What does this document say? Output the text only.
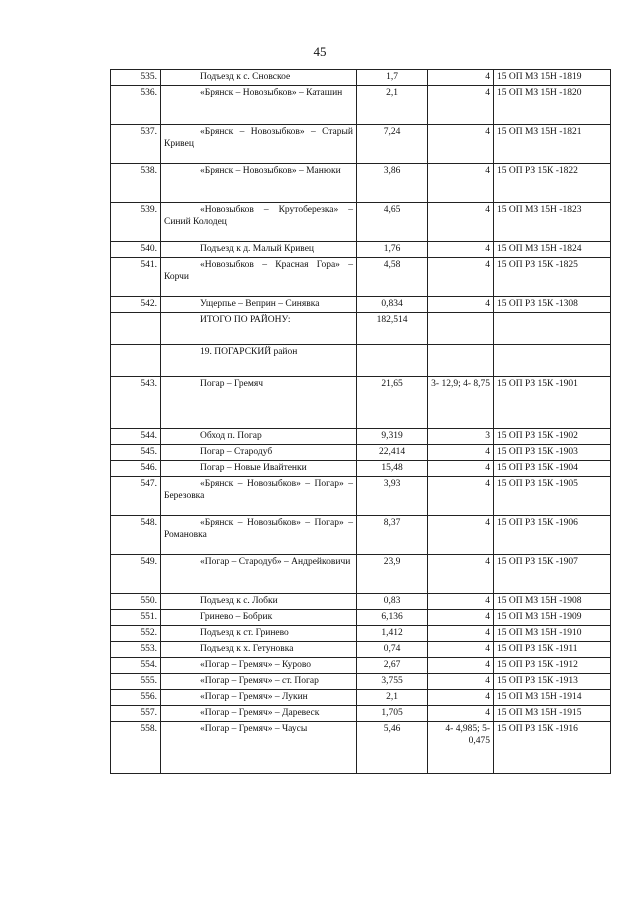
45
535.	Подъезд к с. Сновское	1,7	4	15 ОП МЗ 15Н -1819
536.	«Брянск – Новозыбков» – Каташин	2,1	4	15 ОП МЗ 15Н -1820
537.	«Брянск – Новозыбков» – Старый Кривец	7,24	4	15 ОП МЗ 15Н -1821
538.	«Брянск – Новозыбков» – Манюки	3,86	4	15 ОП РЗ 15К -1822
539.	«Новозыбков – Крутоберезка» – Синий Колодец	4,65	4	15 ОП МЗ 15Н -1823
540.	Подъезд к д. Малый Кривец	1,76	4	15 ОП МЗ 15Н -1824
541.	«Новозыбков – Красная Гора» – Корчи	4,58	4	15 ОП РЗ 15К -1825
542.	Ущерпье – Веприн – Синявка	0,834	4	15 ОП РЗ 15К -1308

	ИТОГО ПО РАЙОНУ:	182,514		

	19. ПОГАРСКИЙ район			

543.	Погар – Гремяч	21,65	3- 12,9; 4- 8,75	15 ОП РЗ 15К -1901
544.	Обход п. Погар	9,319	3	15 ОП РЗ 15К -1902
545.	Погар – Стародуб	22,414	4	15 ОП РЗ 15К -1903
546.	Погар – Новые Ивайтенки	15,48	4	15 ОП РЗ 15К -1904
547.	«Брянск – Новозыбков» – Погар» – Березовка	3,93	4	15 ОП РЗ 15К -1905
548.	«Брянск – Новозыбков» – Погар» – Романовка	8,37	4	15 ОП РЗ 15К -1906
549.	«Погар – Стародуб» – Андрейковичи	23,9	4	15 ОП РЗ 15К -1907
550.	Подъезд к с. Лобки	0,83	4	15 ОП МЗ 15Н -1908
551.	Гринево – Бобрик	6,136	4	15 ОП МЗ 15Н -1909
552.	Подъезд к ст. Гринево	1,412	4	15 ОП МЗ 15Н -1910
553.	Подъезд к х. Гетуновка	0,74	4	15 ОП РЗ 15К -1911
554.	«Погар – Гремяч» – Курово	2,67	4	15 ОП РЗ 15К -1912
555.	«Погар – Гремяч» – ст. Погар	3,755	4	15 ОП РЗ 15К -1913
556.	«Погар – Гремяч» – Лукин	2,1	4	15 ОП МЗ 15Н -1914
557.	«Погар – Гремяч» – Даревеск	1,705	4	15 ОП МЗ 15Н -1915
558.	«Погар – Гремяч» – Чаусы	5,46	4- 4,985; 5- 0,475	15 ОП РЗ 15К -1916
